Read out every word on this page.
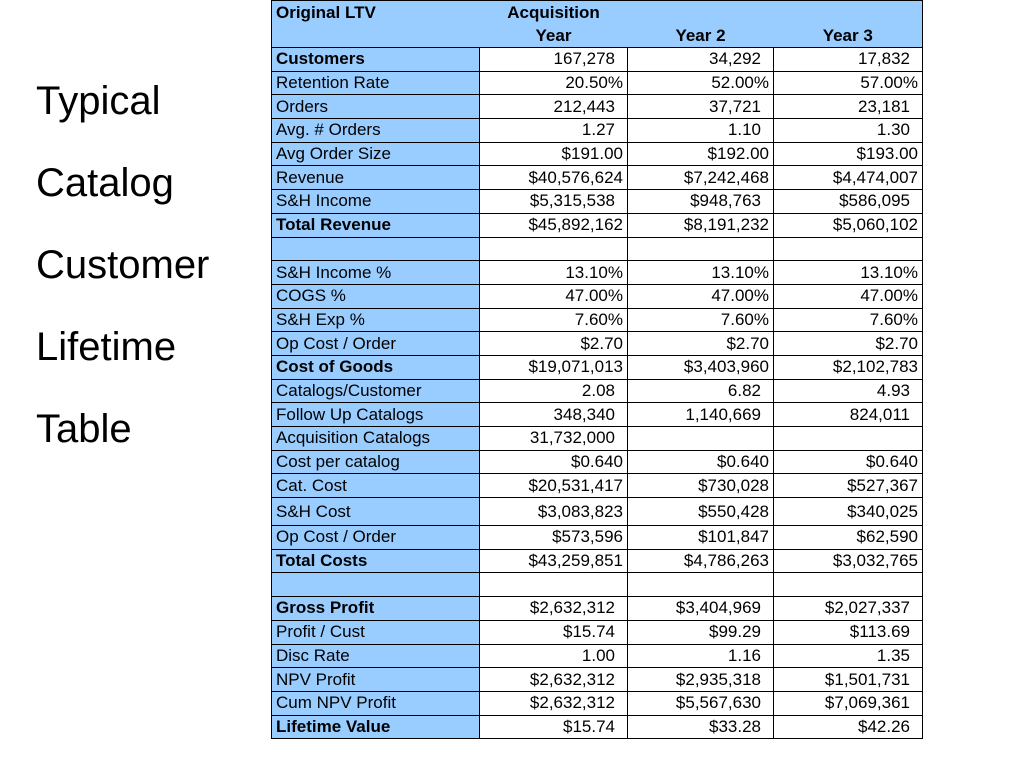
Typical
Catalog
Customer
Lifetime
Table
Original LTV	Acquisition
Year	Year 2	Year 3
Customers	167,278	34,292	17,832
Retention Rate	20.50%	52.00%	57.00%
Orders	212,443	37,721	23,181
Avg. # Orders	1.27	1.10	1.30
Avg Order Size	$191.00	$192.00	$193.00
Revenue	$40,576,624	$7,242,468	$4,474,007
S&H Income	$5,315,538	$948,763	$586,095
Total Revenue	$45,892,162	$8,191,232	$5,060,102

S&H Income %	13.10%	13.10%	13.10%
COGS %	47.00%	47.00%	47.00%
S&H Exp %	7.60%	7.60%	7.60%
Op Cost / Order	$2.70	$2.70	$2.70
Cost of Goods	$19,071,013	$3,403,960	$2,102,783
Catalogs/Customer	2.08	6.82	4.93
Follow Up Catalogs	348,340	1,140,669	824,011
Acquisition Catalogs	31,732,000		
Cost per catalog	$0.640	$0.640	$0.640
Cat. Cost	$20,531,417	$730,028	$527,367
S&H Cost	$3,083,823	$550,428	$340,025
Op Cost / Order	$573,596	$101,847	$62,590
Total Costs	$43,259,851	$4,786,263	$3,032,765

Gross Profit	$2,632,312	$3,404,969	$2,027,337
Profit / Cust	$15.74	$99.29	$113.69
Disc Rate	1.00	1.16	1.35
NPV Profit	$2,632,312	$2,935,318	$1,501,731
Cum NPV Profit	$2,632,312	$5,567,630	$7,069,361
Lifetime Value	$15.74	$33.28	$42.26
